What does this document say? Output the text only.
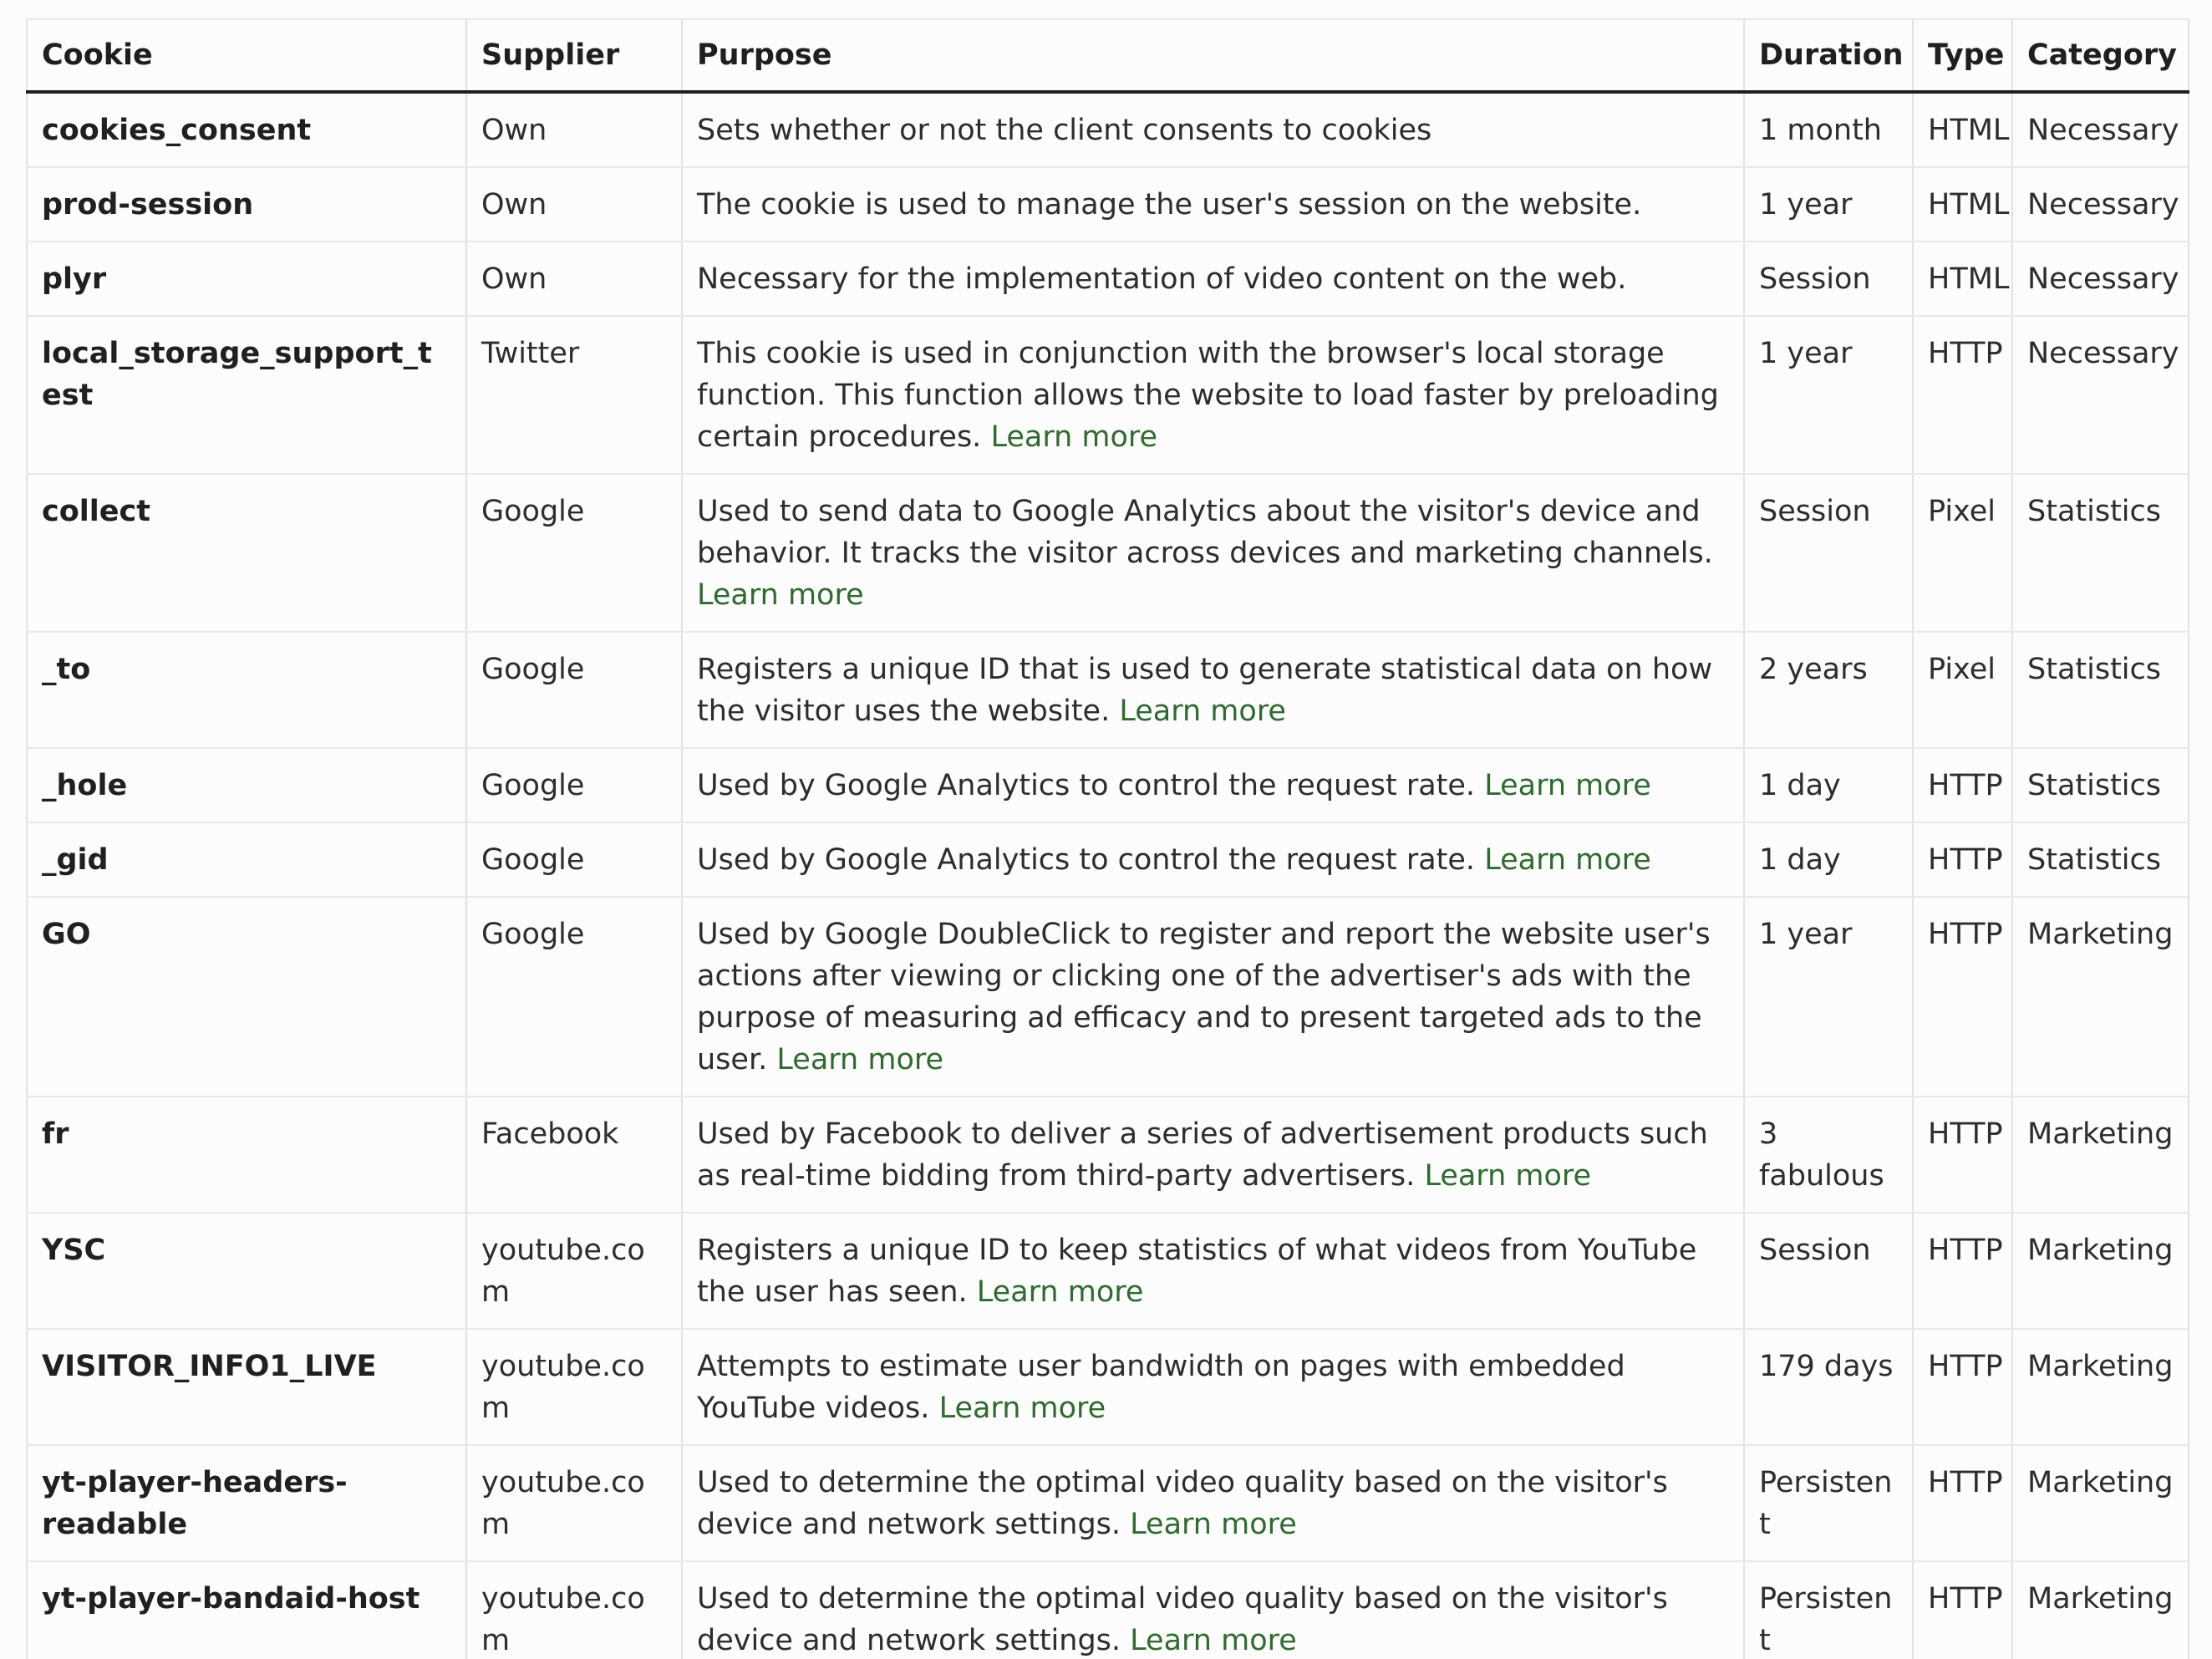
Cookie	Supplier	Purpose	Duration	Type	Category
cookies_consent	Own	Sets whether or not the client consents to cookies	1 month	HTML	Necessary
prod-session	Own	The cookie is used to manage the user's session on the website.	1 year	HTML	Necessary
plyr	Own	Necessary for the implementation of video content on the web.	Session	HTML	Necessary
local_storage_support_test	Twitter	This cookie is used in conjunction with the browser's local storage function. This function allows the website to load faster by preloading certain procedures. Learn more	1 year	HTTP	Necessary
collect	Google	Used to send data to Google Analytics about the visitor's device and behavior. It tracks the visitor across devices and marketing channels. Learn more	Session	Pixel	Statistics
_to	Google	Registers a unique ID that is used to generate statistical data on how the visitor uses the website. Learn more	2 years	Pixel	Statistics
_hole	Google	Used by Google Analytics to control the request rate. Learn more	1 day	HTTP	Statistics
_gid	Google	Used by Google Analytics to control the request rate. Learn more	1 day	HTTP	Statistics
GO	Google	Used by Google DoubleClick to register and report the website user's actions after viewing or clicking one of the advertiser's ads with the purpose of measuring ad efficacy and to present targeted ads to the user. Learn more	1 year	HTTP	Marketing
fr	Facebook	Used by Facebook to deliver a series of advertisement products such as real-time bidding from third-party advertisers. Learn more	3 fabulous	HTTP	Marketing
YSC	youtube.com	Registers a unique ID to keep statistics of what videos from YouTube the user has seen. Learn more	Session	HTTP	Marketing
VISITOR_INFO1_LIVE	youtube.com	Attempts to estimate user bandwidth on pages with embedded YouTube videos. Learn more	179 days	HTTP	Marketing
yt-player-headers-readable	youtube.com	Used to determine the optimal video quality based on the visitor's device and network settings. Learn more	Persistent	HTTP	Marketing
yt-player-bandaid-host	youtube.com	Used to determine the optimal video quality based on the visitor's device and network settings. Learn more	Persistent	HTTP	Marketing
